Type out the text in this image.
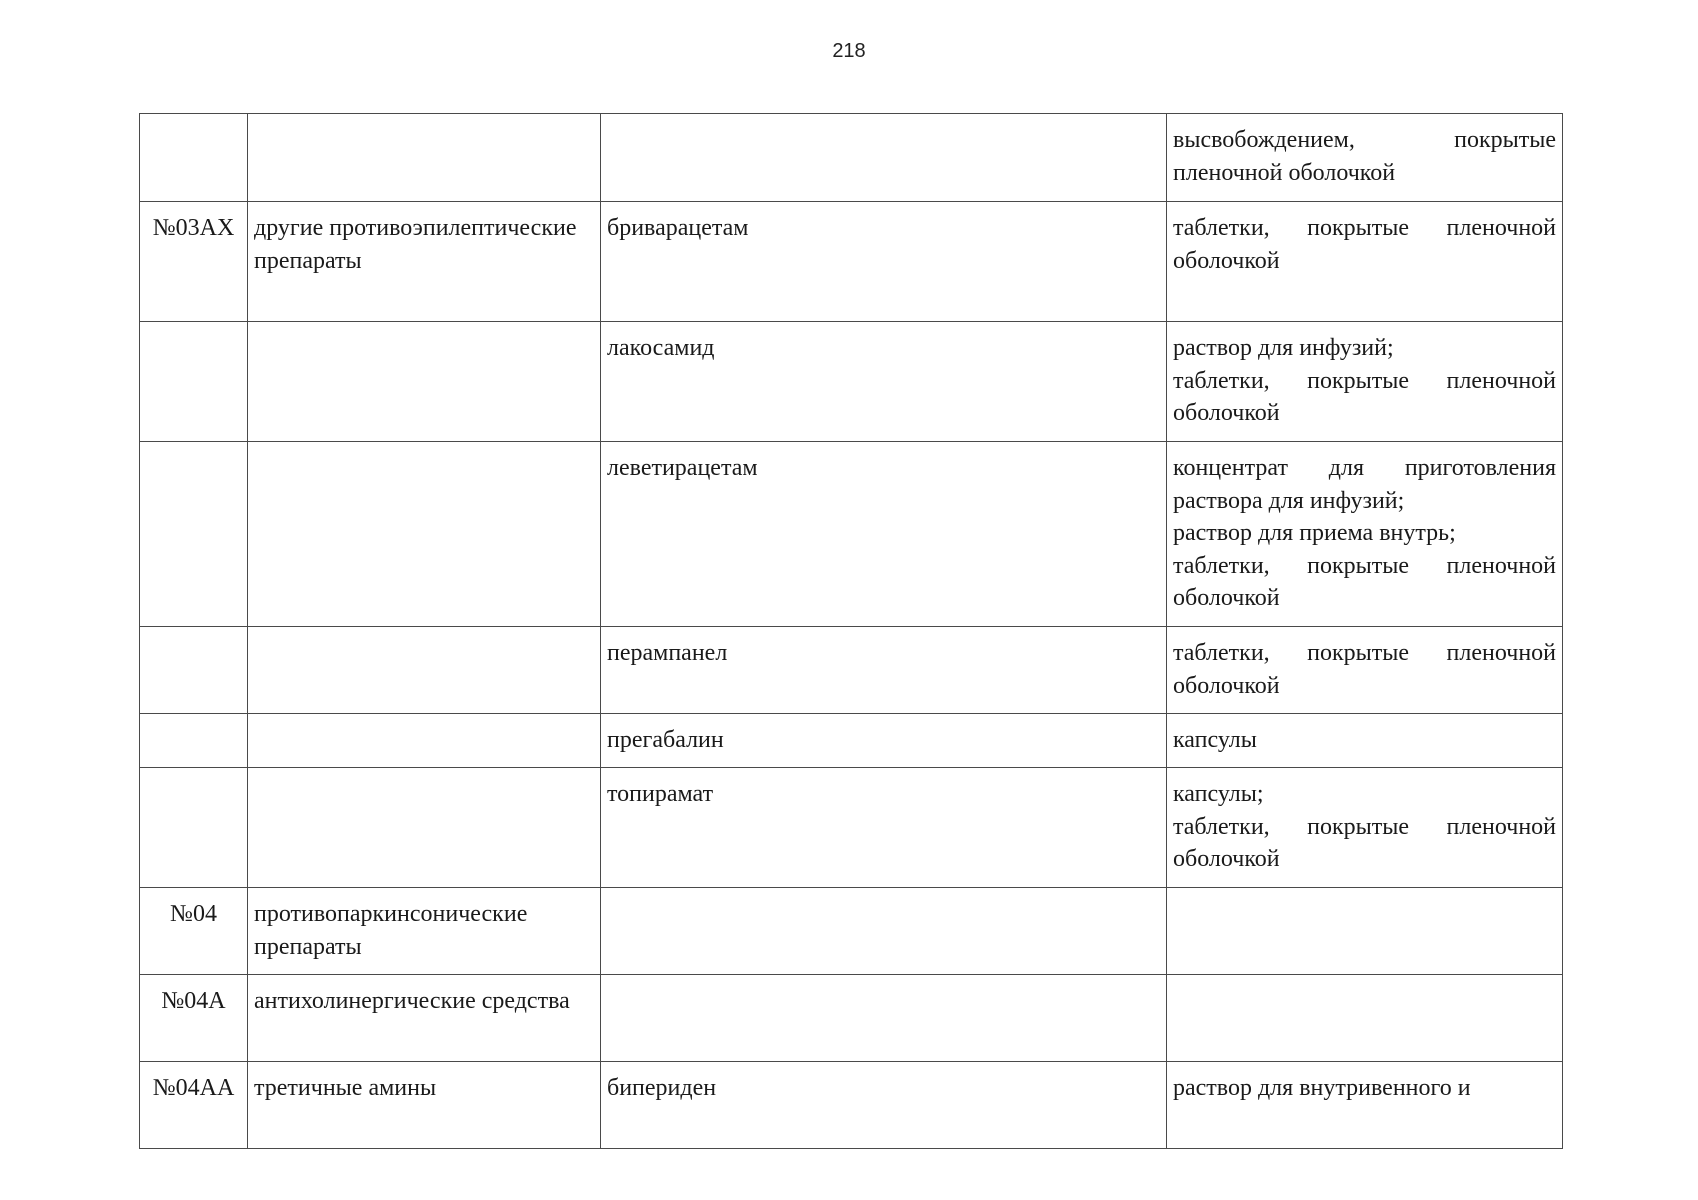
218

			высвобождением, покрытые пленочной оболочкой

№03AX	другие противоэпилептические препараты	бриварацетам	таблетки, покрытые пленочной оболочкой

		лакосамид	раствор для инфузий;
таблетки, покрытые пленочной оболочкой

		леветирацетам	концентрат для приготовления раствора для инфузий;
раствор для приема внутрь;
таблетки, покрытые пленочной оболочкой

		перампанел	таблетки, покрытые пленочной оболочкой

		прегабалин	капсулы

		топирамат	капсулы;
таблетки, покрытые пленочной оболочкой

№04	противопаркинсонические препараты		

№04A	антихолинергические средства		

№04AA	третичные амины	бипериден	раствор для внутривенного и
